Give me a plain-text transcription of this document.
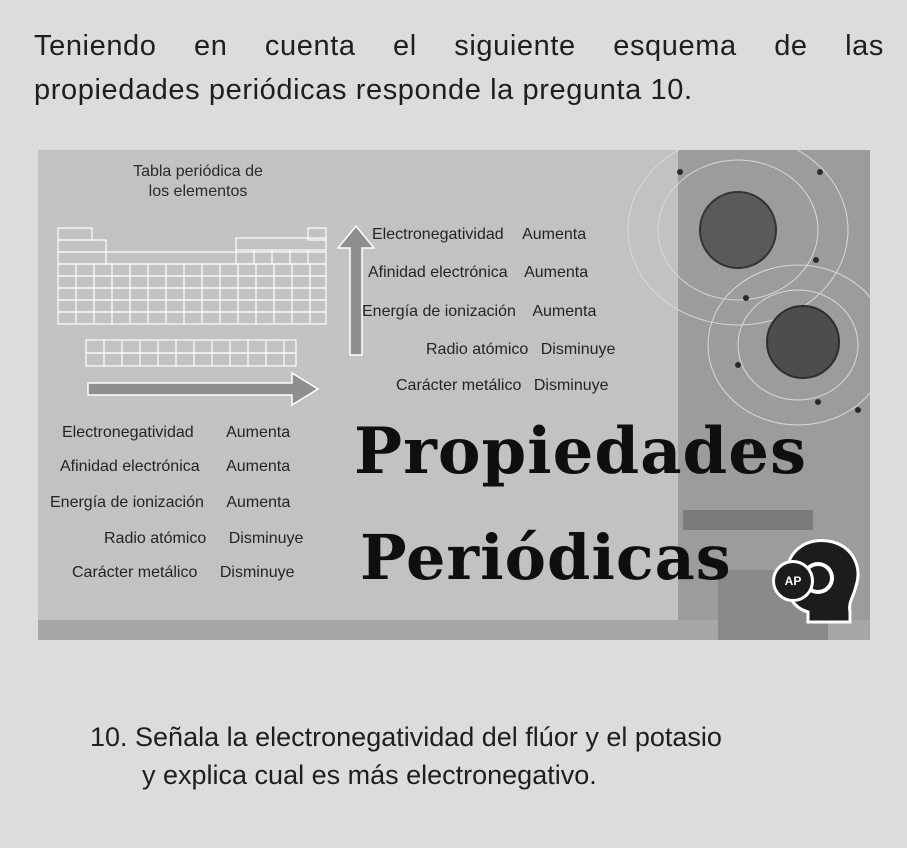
Teniendo en cuenta el siguiente esquema de las
propiedades periódicas responde la pregunta 10.
Tabla periódica de
los elementos
Electronegatividad Aumenta
Afinidad electrónica Aumenta
Energía de ionización Aumenta
Radio atómico Disminuye
Carácter metálico Disminuye
Electronegatividad Aumenta
Afinidad electrónica Aumenta
Energía de ionización Aumenta
Radio atómico Disminuye
Carácter metálico Disminuye
Propiedades
Periódicas	AP
10. Señala la electronegatividad del flúor y el potasio
y explica cual es más electronegativo.
